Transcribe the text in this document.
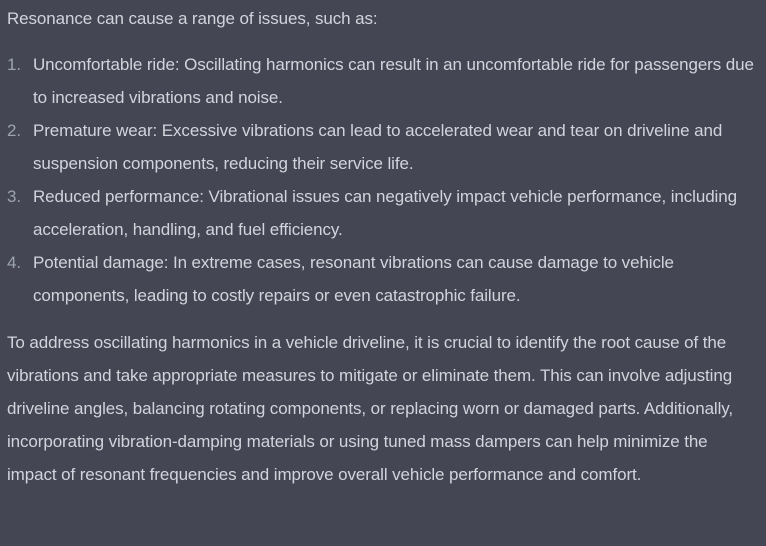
Resonance can cause a range of issues, such as:

1. Uncomfortable ride: Oscillating harmonics can result in an uncomfortable ride for passengers due to increased vibrations and noise.
2. Premature wear: Excessive vibrations can lead to accelerated wear and tear on driveline and suspension components, reducing their service life.
3. Reduced performance: Vibrational issues can negatively impact vehicle performance, including acceleration, handling, and fuel efficiency.
4. Potential damage: In extreme cases, resonant vibrations can cause damage to vehicle components, leading to costly repairs or even catastrophic failure.

To address oscillating harmonics in a vehicle driveline, it is crucial to identify the root cause of the vibrations and take appropriate measures to mitigate or eliminate them. This can involve adjusting driveline angles, balancing rotating components, or replacing worn or damaged parts. Additionally, incorporating vibration-damping materials or using tuned mass dampers can help minimize the impact of resonant frequencies and improve overall vehicle performance and comfort.
